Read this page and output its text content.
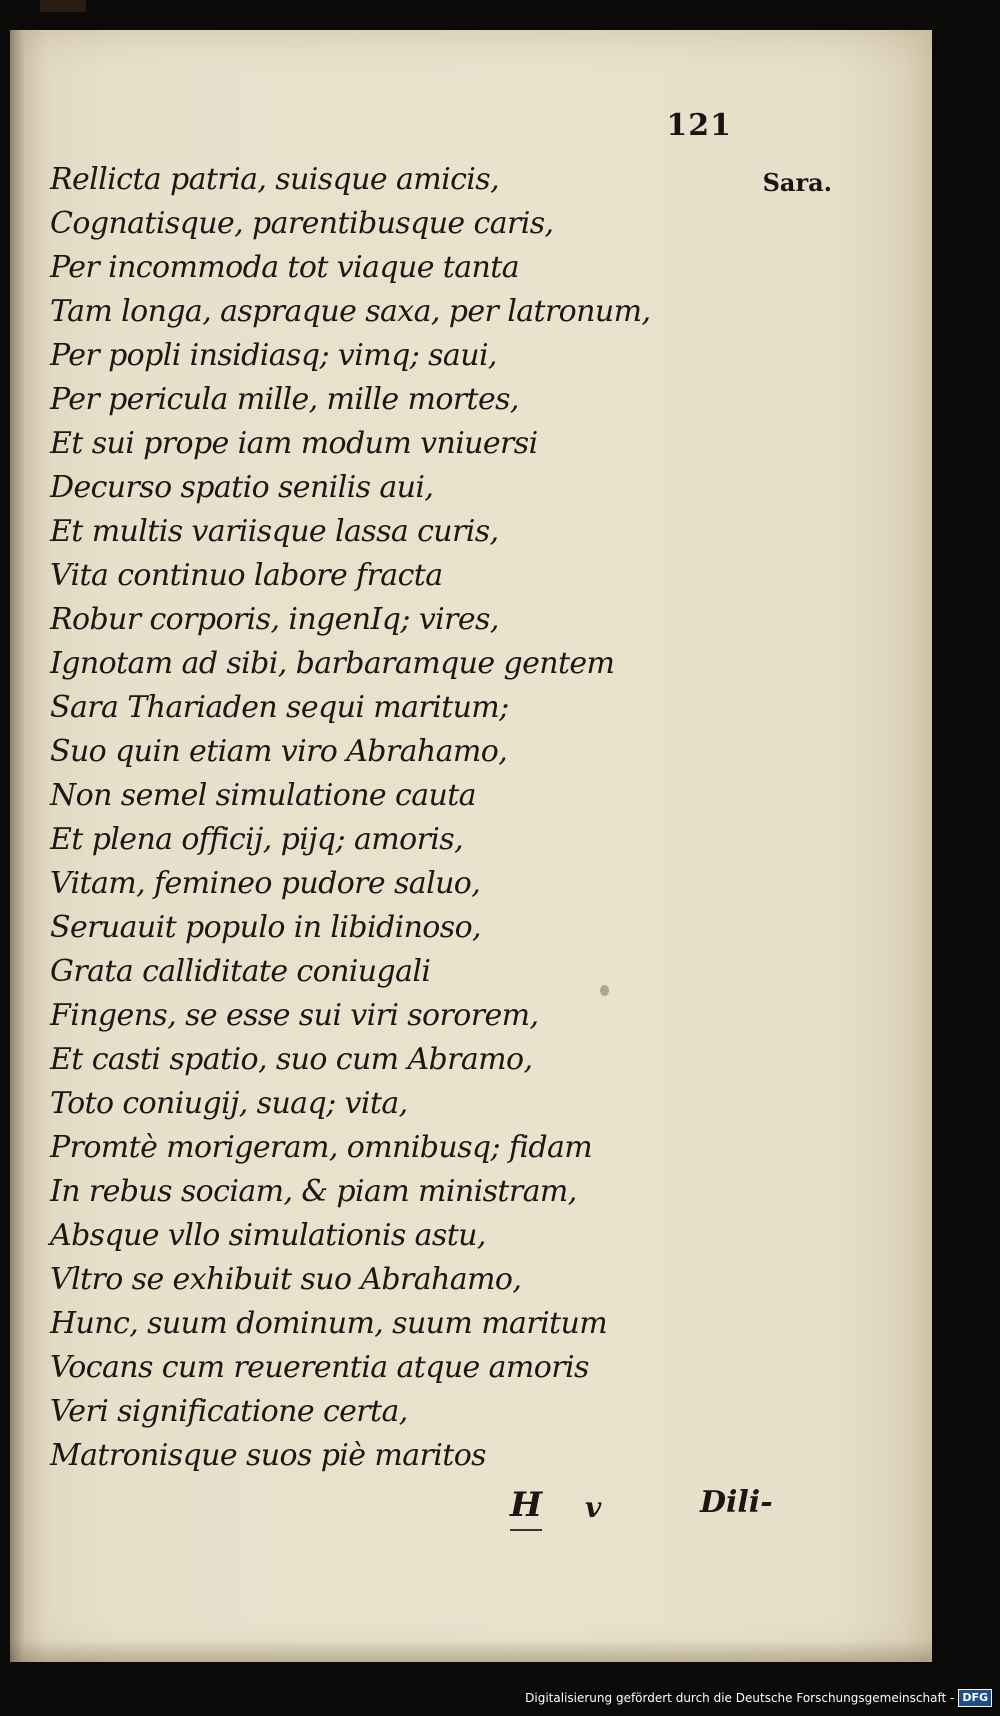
121
Sara.
Rellicta patria, suisque amicis,
Cognatisque, parentibusque caris,
Per incommoda tot viaque tanta
Tam longa, aspraque saxa, per latronum,
Per popli insidiasq; vimq; saui,
Per pericula mille, mille mortes,
Et sui prope iam modum vniuersi
Decurso spatio senilis aui,
Et multis variisque lassa curis,
Vita continuo labore fracta
Robur corporis, ingenIq; vires,
Ignotam ad sibi, barbaramque gentem
Sara Thariaden sequi maritum;
Suo quin etiam viro Abrahamo,
Non semel simulatione cauta
Et plena officij, pijq; amoris,
Vitam, femineo pudore saluo,
Seruauit populo in libidinoso,
Grata calliditate coniugali
Fingens, se esse sui viri sororem,
Et casti spatio, suo cum Abramo,
Toto coniugij, suaq; vita,
Promtè morigeram, omnibusq; fidam
In rebus sociam, & piam ministram,
Absque vllo simulationis astu,
Vltro se exhibuit suo Abrahamo,
Hunc, suum dominum, suum maritum
Vocans cum reuerentia atque amoris
Veri significatione certa,
Matronisque suos piè maritos
H v	Dili-
Digitalisierung gefördert durch die Deutsche Forschungsgemeinschaft - DFG
